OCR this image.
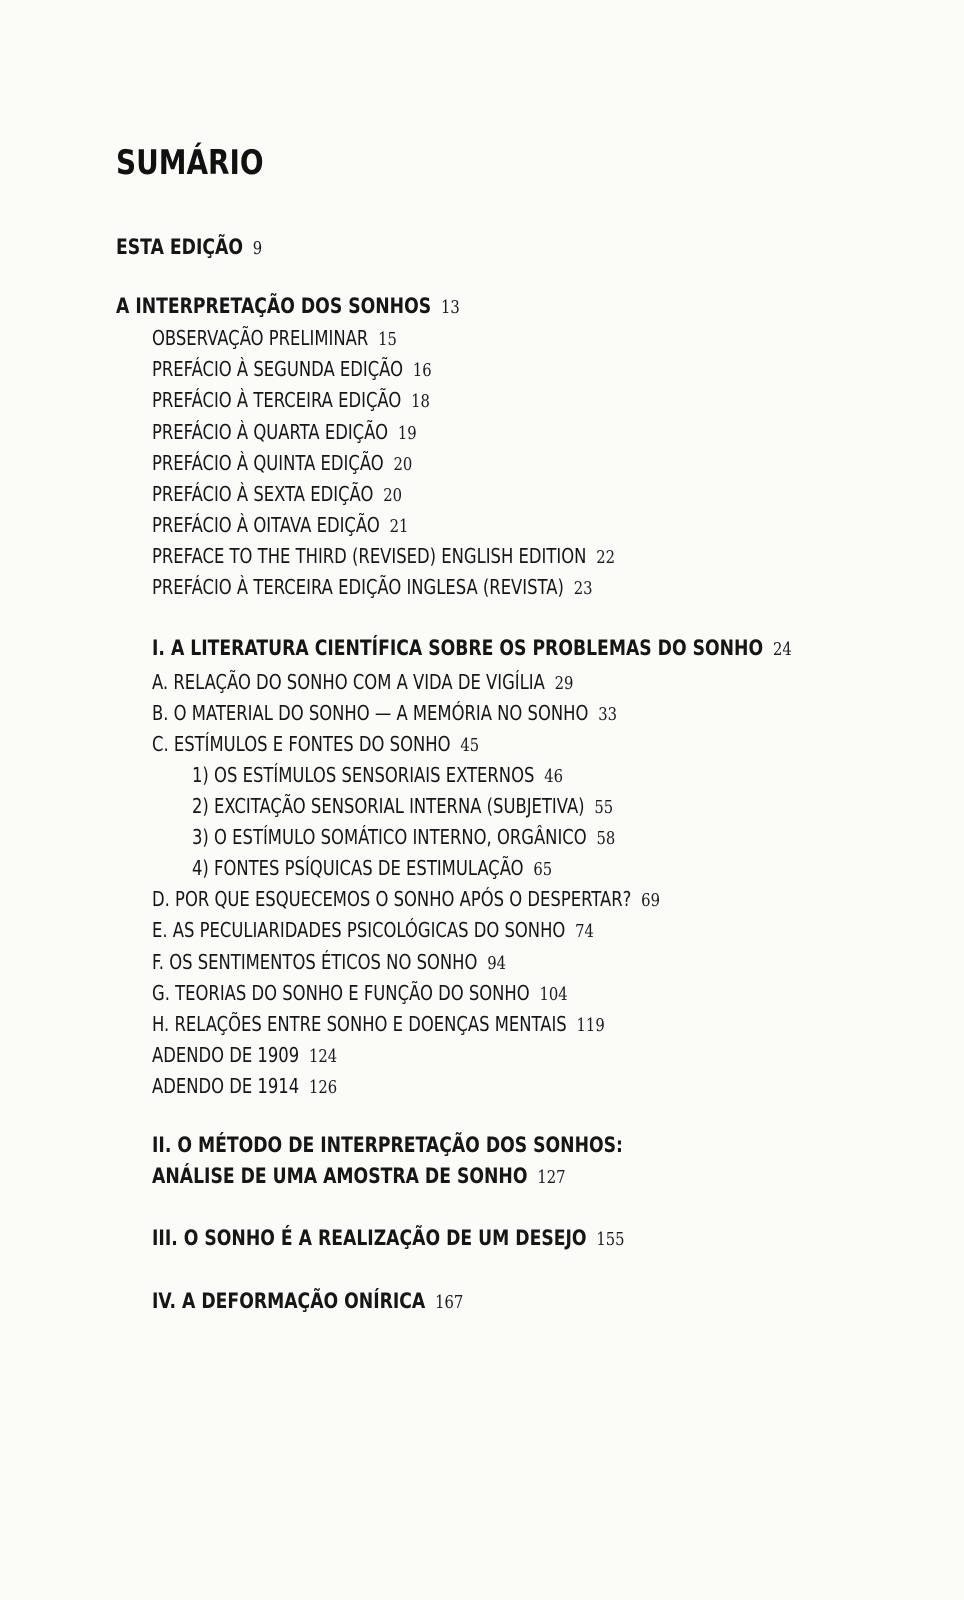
SUMÁRIO
ESTA EDIÇÃO 9
A INTERPRETAÇÃO DOS SONHOS 13
OBSERVAÇÃO PRELIMINAR 15
PREFÁCIO À SEGUNDA EDIÇÃO 16
PREFÁCIO À TERCEIRA EDIÇÃO 18
PREFÁCIO À QUARTA EDIÇÃO 19
PREFÁCIO À QUINTA EDIÇÃO 20
PREFÁCIO À SEXTA EDIÇÃO 20
PREFÁCIO À OITAVA EDIÇÃO 21
PREFACE TO THE THIRD (REVISED) ENGLISH EDITION 22
PREFÁCIO À TERCEIRA EDIÇÃO INGLESA (REVISTA) 23
I. A LITERATURA CIENTÍFICA SOBRE OS PROBLEMAS DO SONHO 24
A. RELAÇÃO DO SONHO COM A VIDA DE VIGÍLIA 29
B. O MATERIAL DO SONHO — A MEMÓRIA NO SONHO 33
C. ESTÍMULOS E FONTES DO SONHO 45
1) OS ESTÍMULOS SENSORIAIS EXTERNOS 46
2) EXCITAÇÃO SENSORIAL INTERNA (SUBJETIVA) 55
3) O ESTÍMULO SOMÁTICO INTERNO, ORGÂNICO 58
4) FONTES PSÍQUICAS DE ESTIMULAÇÃO 65
D. POR QUE ESQUECEMOS O SONHO APÓS O DESPERTAR? 69
E. AS PECULIARIDADES PSICOLÓGICAS DO SONHO 74
F. OS SENTIMENTOS ÉTICOS NO SONHO 94
G. TEORIAS DO SONHO E FUNÇÃO DO SONHO 104
H. RELAÇÕES ENTRE SONHO E DOENÇAS MENTAIS 119
ADENDO DE 1909 124
ADENDO DE 1914 126
II. O MÉTODO DE INTERPRETAÇÃO DOS SONHOS:
ANÁLISE DE UMA AMOSTRA DE SONHO 127
III. O SONHO É A REALIZAÇÃO DE UM DESEJO 155
IV. A DEFORMAÇÃO ONÍRICA 167
